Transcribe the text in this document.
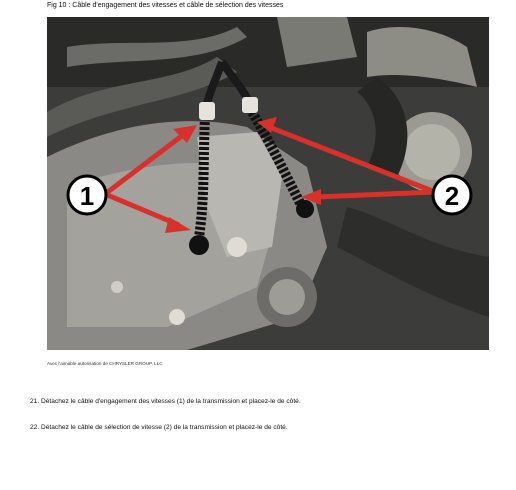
Fig 10 : Câble d'engagement des vitesses et câble de sélection des vitesses
1	2
Avec l'aimable autorisation de CHRYSLER GROUP, LLC
21. Détachez le câble d'engagement des vitesses (1) de la transmission et placez-le de côté.
22. Détachez le câble de sélection de vitesse (2) de la transmission et placez-le de côté.
